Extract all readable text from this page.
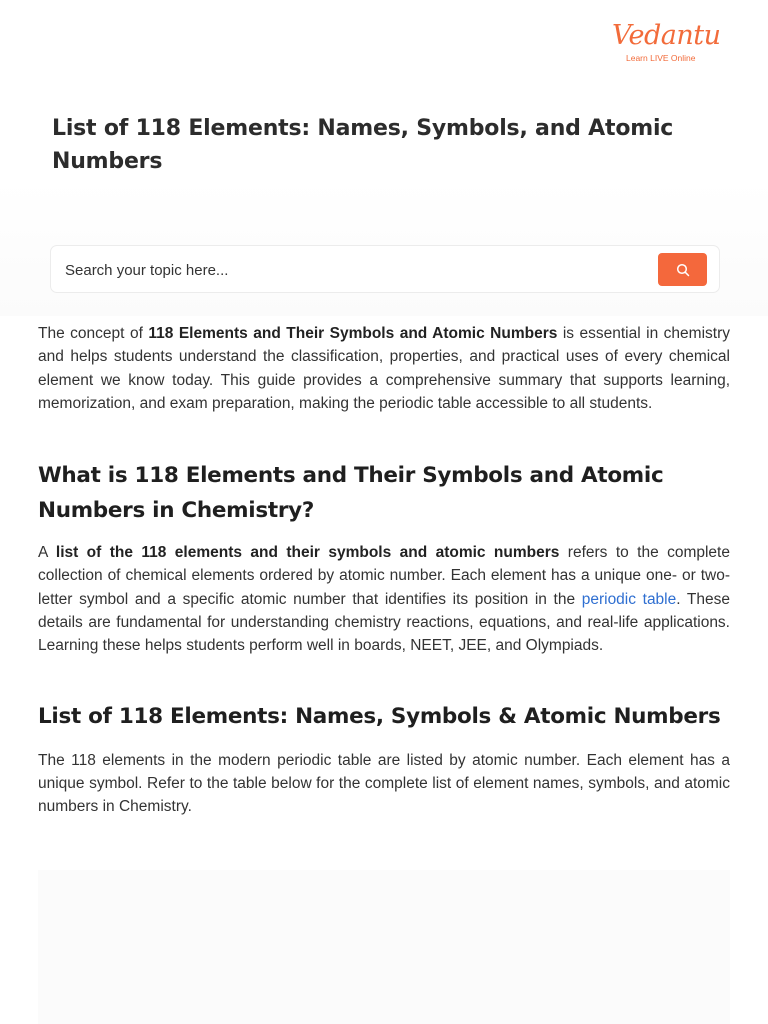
Vedantu
Learn LIVE Online
List of 118 Elements: Names, Symbols, and Atomic Numbers
Search your topic here...

The concept of 118 Elements and Their Symbols and Atomic Numbers is essential in chemistry and helps students understand the classification, properties, and practical uses of every chemical element we know today. This guide provides a comprehensive summary that supports learning, memorization, and exam preparation, making the periodic table accessible to all students.

What is 118 Elements and Their Symbols and Atomic Numbers in Chemistry?

A list of the 118 elements and their symbols and atomic numbers refers to the complete collection of chemical elements ordered by atomic number. Each element has a unique one- or two-letter symbol and a specific atomic number that identifies its position in the periodic table. These details are fundamental for understanding chemistry reactions, equations, and real-life applications. Learning these helps students perform well in boards, NEET, JEE, and Olympiads.

List of 118 Elements: Names, Symbols & Atomic Numbers

The 118 elements in the modern periodic table are listed by atomic number. Each element has a unique symbol. Refer to the table below for the complete list of element names, symbols, and atomic numbers in Chemistry.
